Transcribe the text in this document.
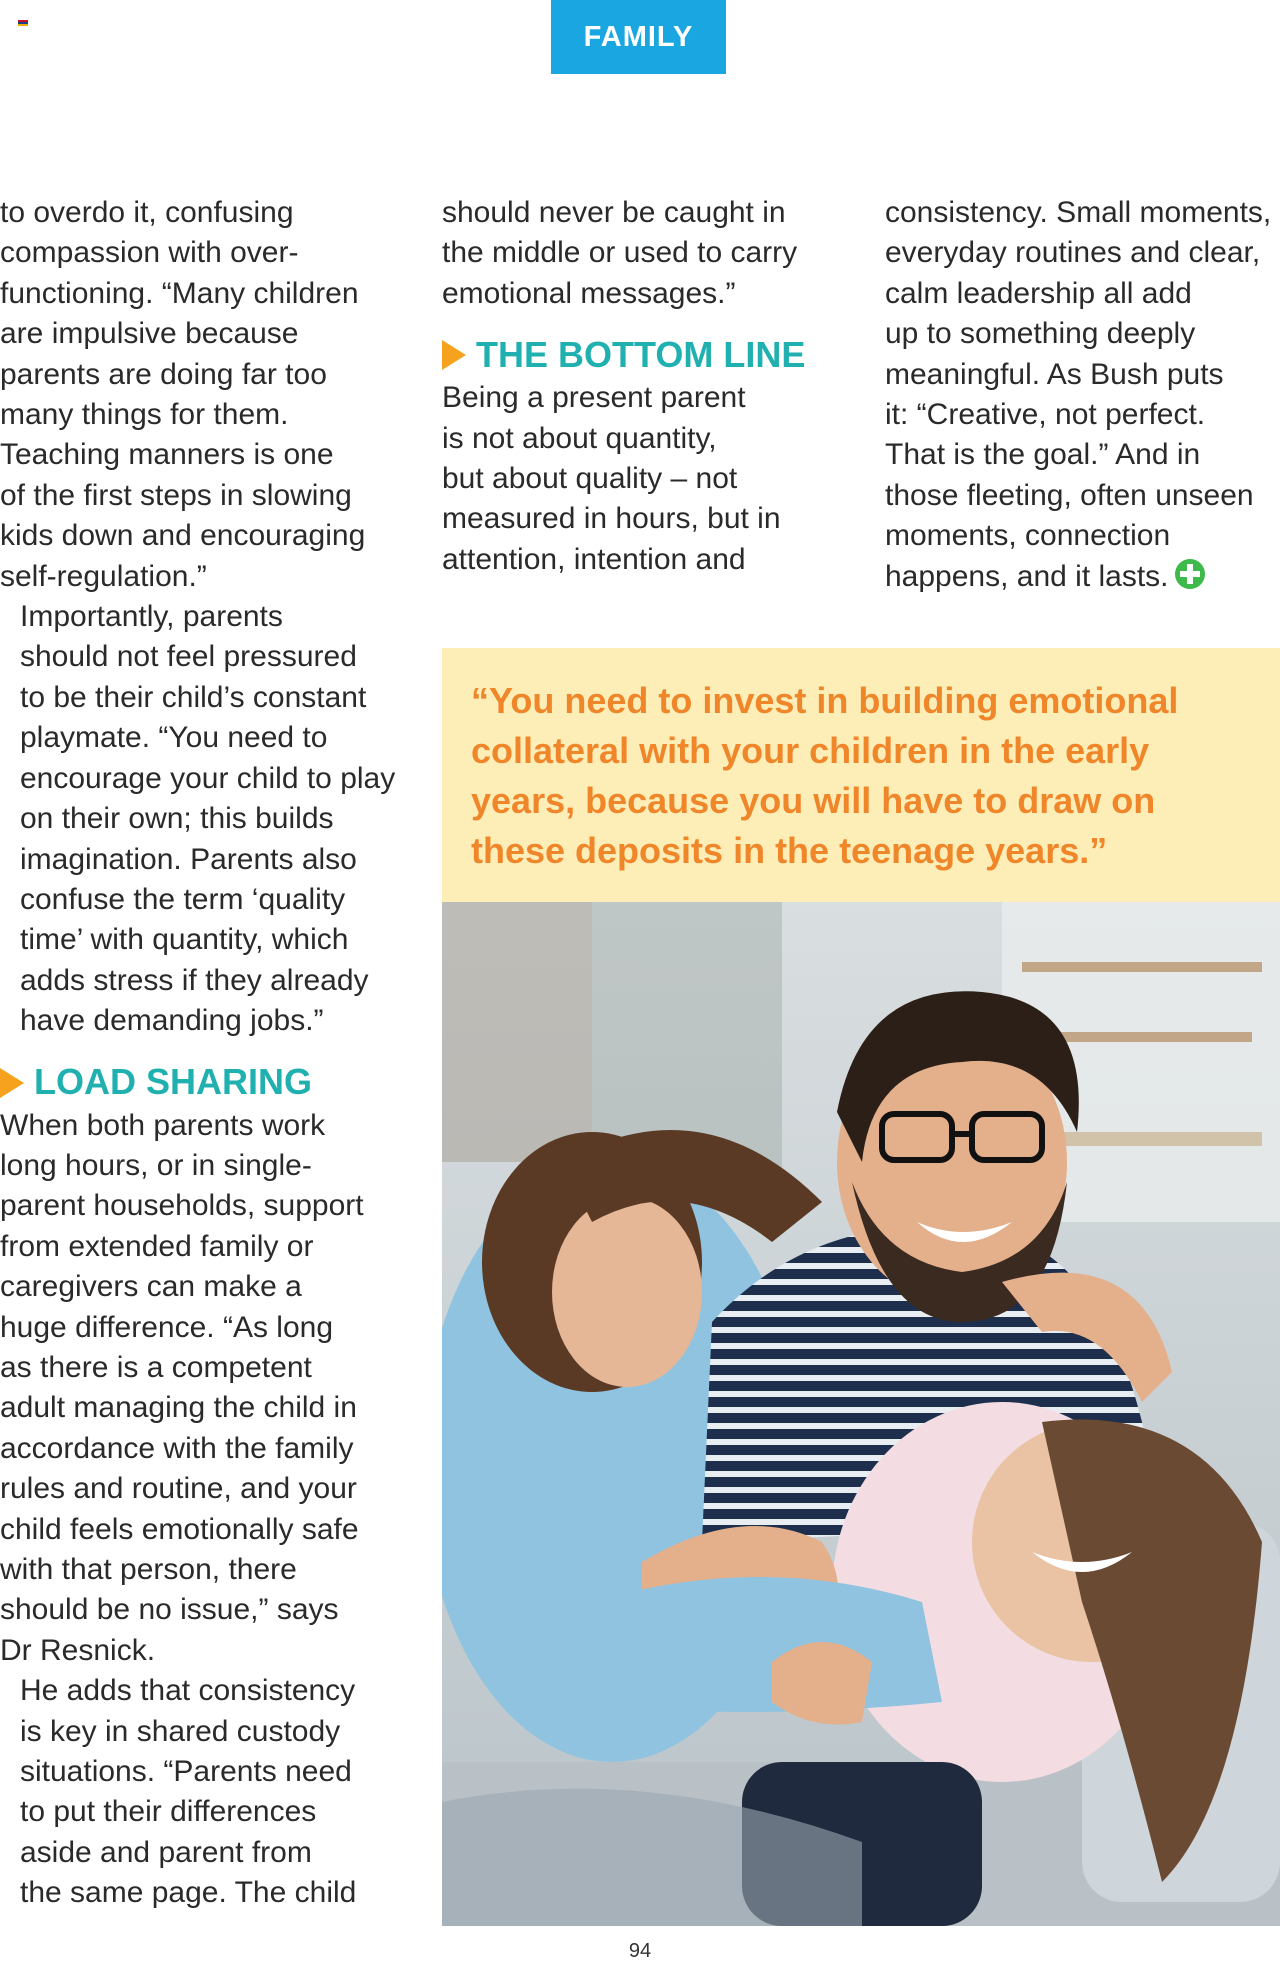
FAMILY

to overdo it, confusing
compassion with over-
functioning. “Many children
are impulsive because
parents are doing far too
many things for them.
Teaching manners is one
of the first steps in slowing
kids down and encouraging
self-regulation.”

Importantly, parents
should not feel pressured
to be their child’s constant
playmate. “You need to
encourage your child to play
on their own; this builds
imagination. Parents also
confuse the term ‘quality
time’ with quantity, which
adds stress if they already
have demanding jobs.”

LOAD SHARING

When both parents work
long hours, or in single-
parent households, support
from extended family or
caregivers can make a
huge difference. “As long
as there is a competent
adult managing the child in
accordance with the family
rules and routine, and your
child feels emotionally safe
with that person, there
should be no issue,” says
Dr Resnick.

He adds that consistency
is key in shared custody
situations. “Parents need
to put their differences
aside and parent from
the same page. The child

should never be caught in
the middle or used to carry
emotional messages.”

THE BOTTOM LINE

Being a present parent
is not about quantity,
but about quality – not
measured in hours, but in
attention, intention and

consistency. Small moments,
everyday routines and clear,
calm leadership all add
up to something deeply
meaningful. As Bush puts
it: “Creative, not perfect.
That is the goal.” And in
those fleeting, often unseen
moments, connection
happens, and it lasts.

“You need to invest in building emotional
collateral with your children in the early
years, because you will have to draw on
these deposits in the teenage years.”
94
